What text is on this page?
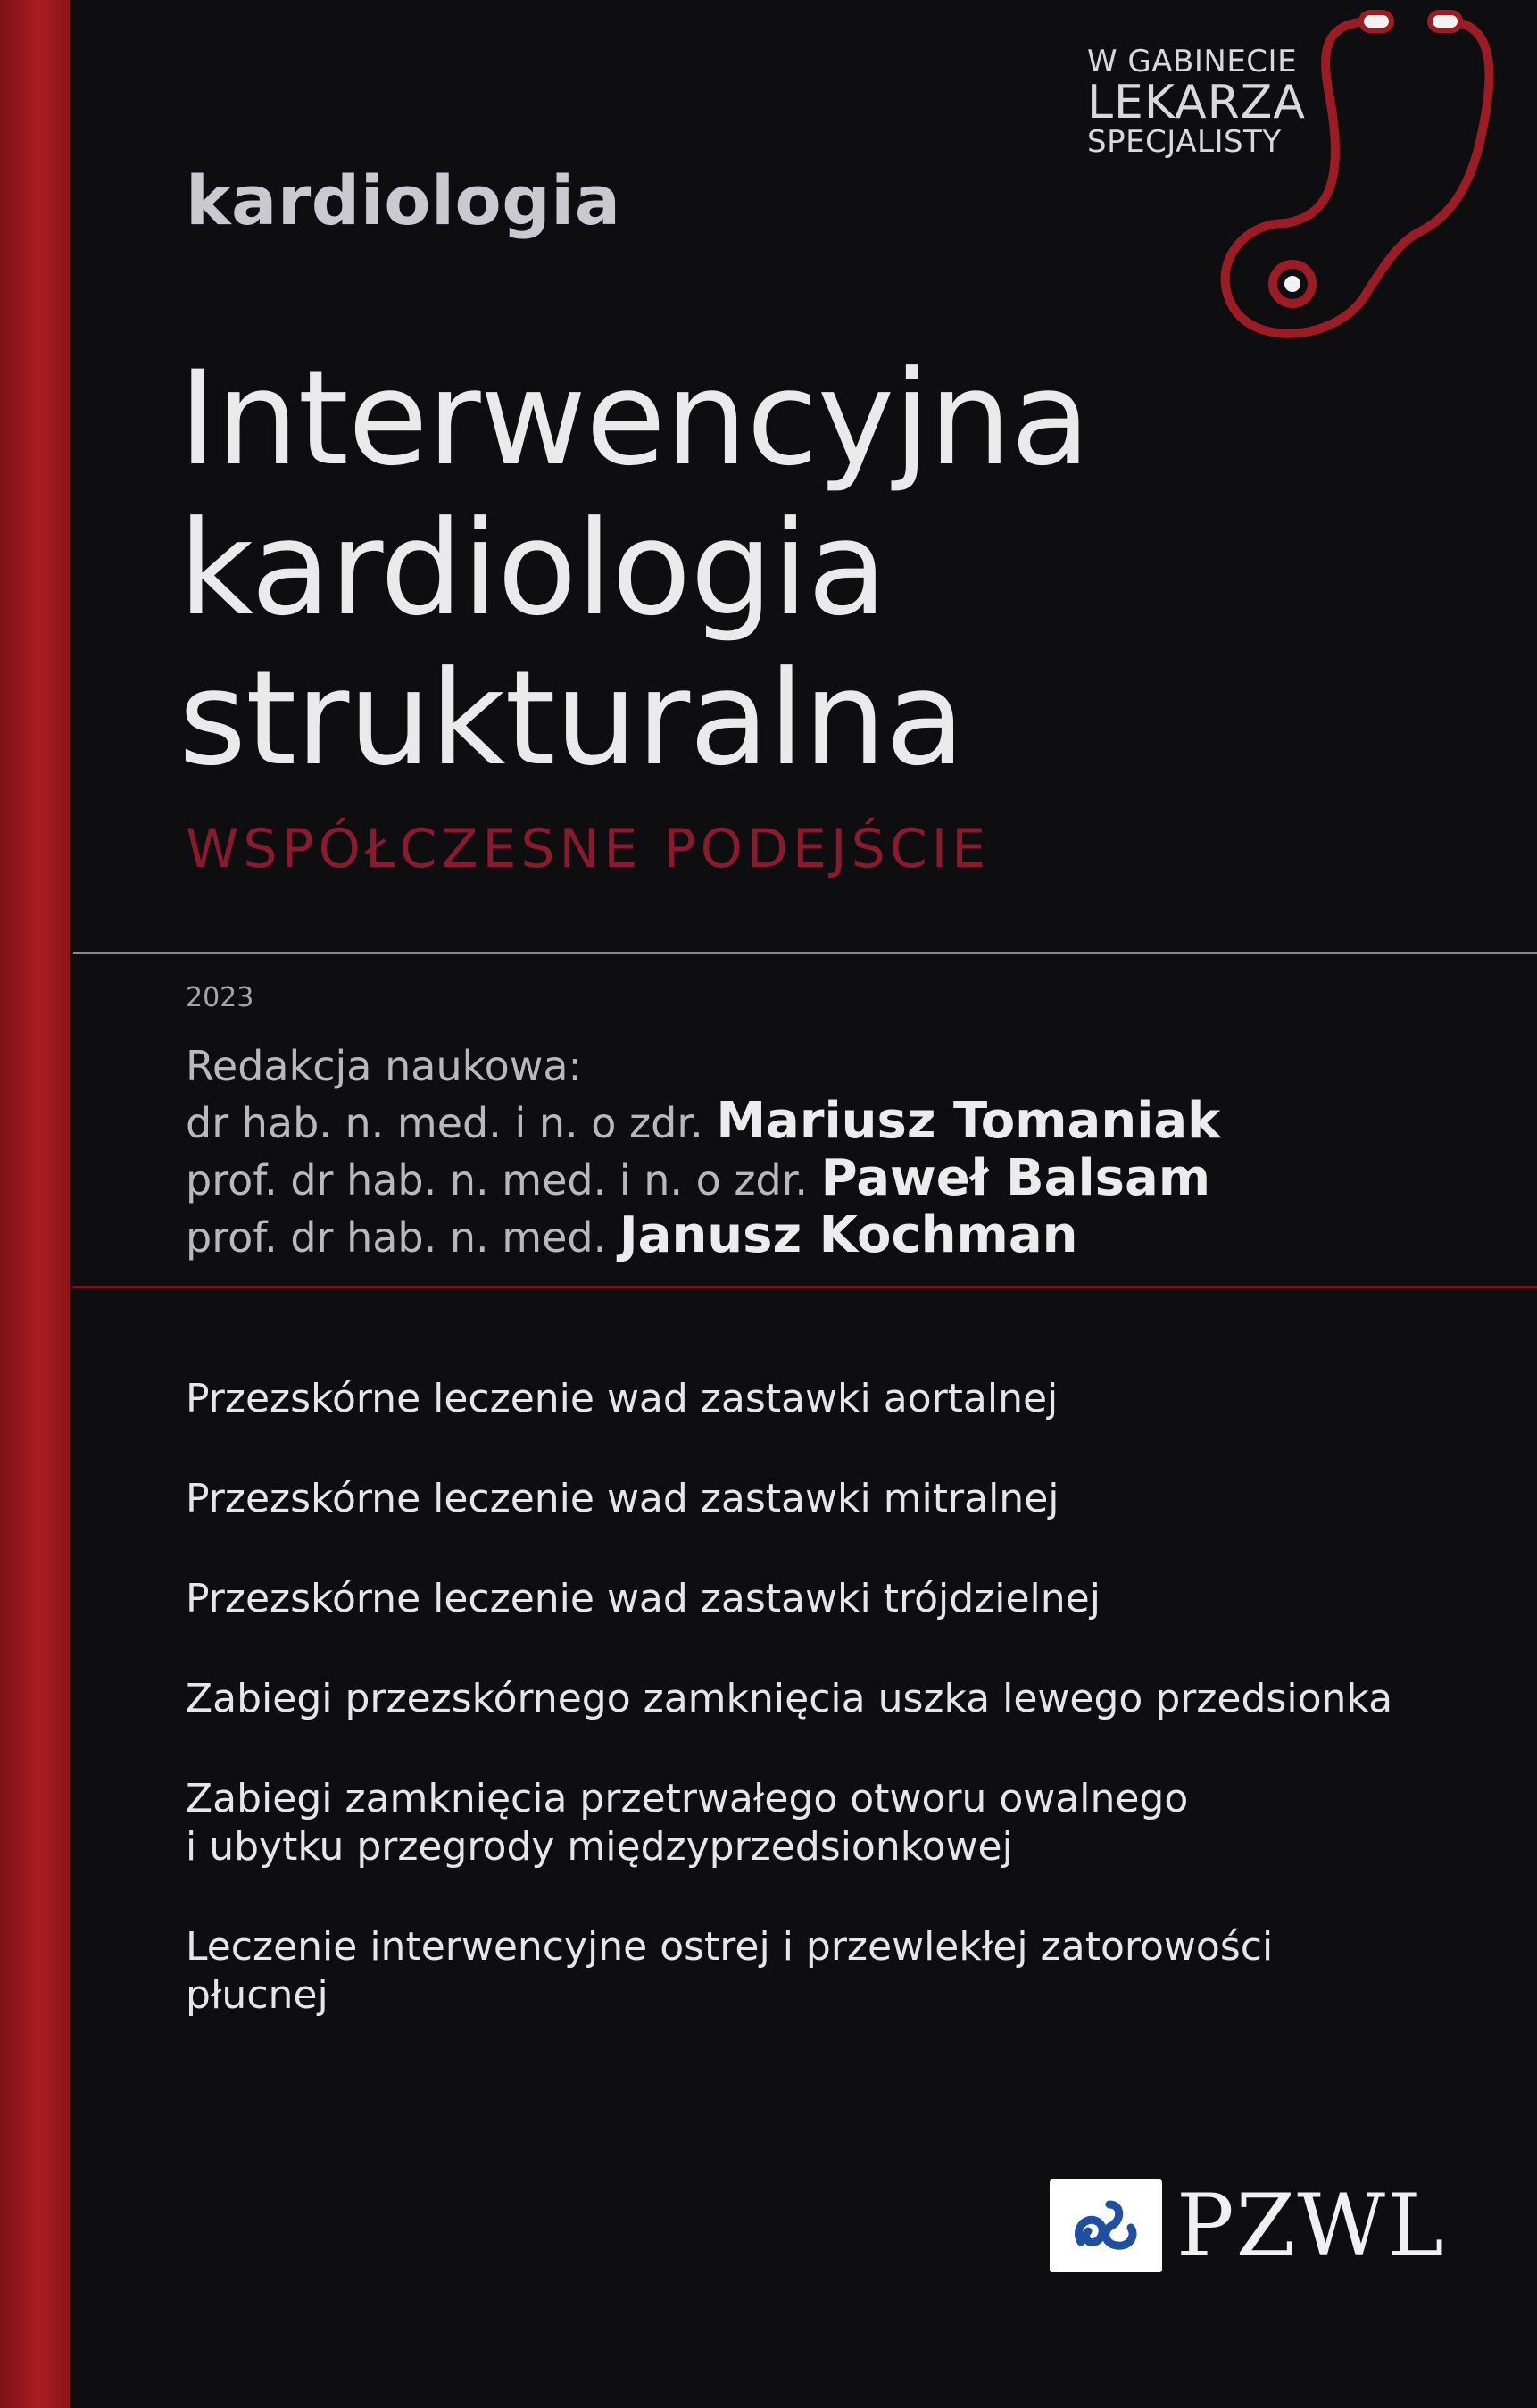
W GABINECIE
LEKARZA
SPECJALISTY
kardiologia
Interwencyjna
kardiologia
strukturalna
WSPÓŁCZESNE PODEJŚCIE
2023
Redakcja naukowa:
dr hab. n. med. i n. o zdr. Mariusz Tomaniak
prof. dr hab. n. med. i n. o zdr. Paweł Balsam
prof. dr hab. n. med. Janusz Kochman
Przezskórne leczenie wad zastawki aortalnej
Przezskórne leczenie wad zastawki mitralnej
Przezskórne leczenie wad zastawki trójdzielnej
Zabiegi przezskórnego zamknięcia uszka lewego przedsionka
Zabiegi zamknięcia przetrwałego otworu owalnego
i ubytku przegrody międzyprzedsionkowej
Leczenie interwencyjne ostrej i przewlekłej zatorowości
płucnej
PZWL
